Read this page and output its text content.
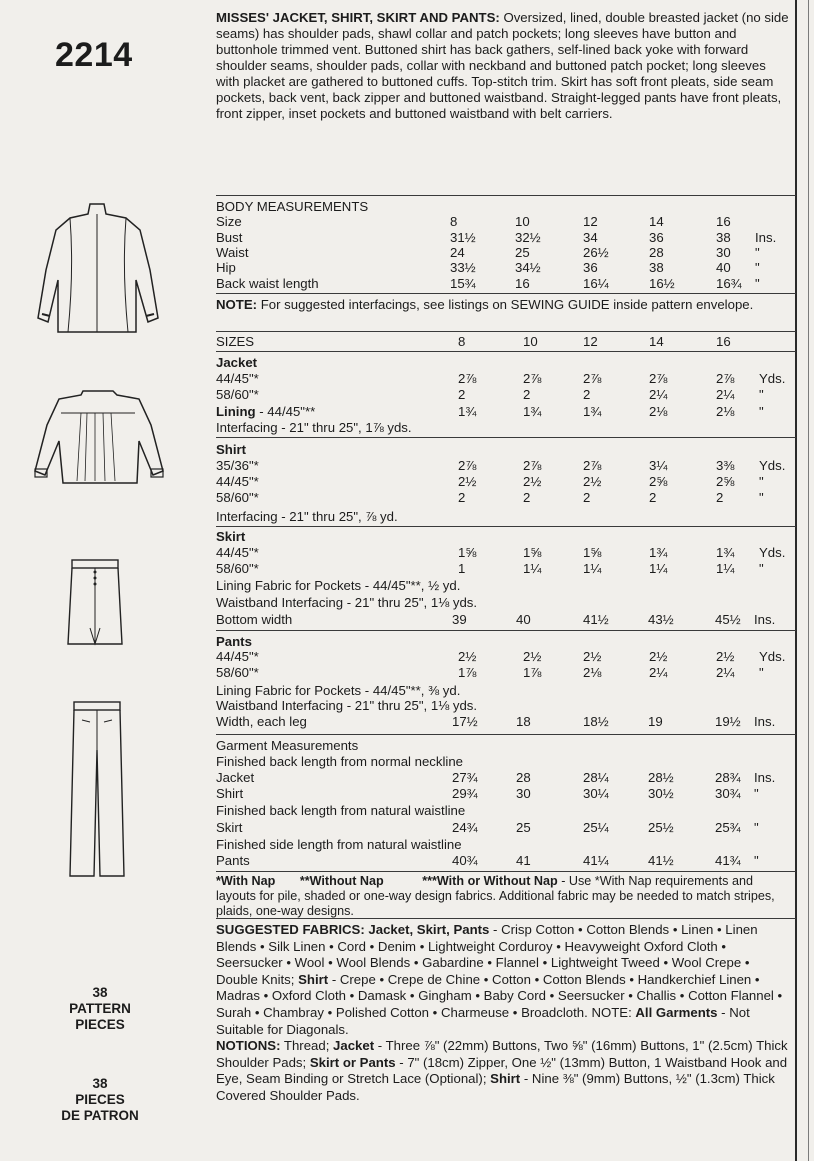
2214
MISSES' JACKET, SHIRT, SKIRT AND PANTS: Oversized, lined, double breasted jacket (no side seams) has shoulder pads, shawl collar and patch pockets; long sleeves have button and buttonhole trimmed vent. Buttoned shirt has back gathers, self-lined back yoke with forward shoulder seams, shoulder pads, collar with neckband and buttoned patch pocket; long sleeves with placket are gathered to buttoned cuffs. Top-stitch trim. Skirt has soft front pleats, side seam pockets, back vent, back zipper and buttoned waistband. Straight-legged pants have front pleats, front zipper, inset pockets and buttoned waistband with belt carriers.
38
PATTERN
PIECES
38
PIECES
DE PATRON
BODY MEASUREMENTS
Size	8	10	12	14	16
Bust	31½	32½	34	36	38 Ins.
Waist	24	25	26½	28	30 "
Hip	33½	34½	36	38	40 "
Back waist length	15¾	16	16¼	16½	16¾ "
NOTE: For suggested interfacings, see listings on SEWING GUIDE inside pattern envelope.
SIZES	8	10	12	14	16
Jacket
44/45"*	2⅞	2⅞	2⅞	2⅞	2⅞ Yds.
58/60"*	2	2	2	2¼	2¼ "
Lining - 44/45"**	1¾	1¾	1¾	2⅛	2⅛ "
Interfacing - 21" thru 25", 1⅞ yds.
Shirt
35/36"*	2⅞	2⅞	2⅞	3¼	3⅜ Yds.
44/45"*	2½	2½	2½	2⅝	2⅝ "
58/60"*	2	2	2	2	2	"
Interfacing - 21" thru 25", ⅞ yd.
Skirt
44/45"*	1⅝	1⅝	1⅝	1¾	1¾ Yds.
58/60"*	1	1¼	1¼	1¼	1¼ "
Lining Fabric for Pockets - 44/45"**, ½ yd.
Waistband Interfacing - 21" thru 25", 1⅛ yds.
Bottom width	39	40	41½	43½	45½ Ins.
Pants
44/45"*	2½	2½	2½	2½	2½ Yds.
58/60"*	1⅞	1⅞	2⅛	2¼	2¼ "
Lining Fabric for Pockets - 44/45"**, ⅜ yd.
Waistband Interfacing - 21" thru 25", 1⅛ yds.
Width, each leg	17½	18	18½	19	19½ Ins.
Garment Measurements
Finished back length from normal neckline
Jacket	27¾	28	28¼	28½	28¾ Ins.
Shirt	29¾	30	30¼	30½	30¾ "
Finished back length from natural waistline
Skirt	24¾	25	25¼	25½	25¾ "
Finished side length from natural waistline
Pants	40¾	41	41¼	41½	41¾ "
*With Nap **Without Nap	***With or Without Nap - Use *With Nap requirements and layouts for pile, shaded or one-way design fabrics. Additional fabric may be needed to match stripes, plaids, one-way designs.
SUGGESTED FABRICS: Jacket, Skirt, Pants - Crisp Cotton • Cotton Blends • Linen • Linen Blends • Silk Linen • Cord • Denim • Lightweight Corduroy • Heavyweight Oxford Cloth • Seersucker • Wool • Wool Blends • Gabardine • Flannel • Lightweight Tweed • Wool Crepe • Double Knits; Shirt - Crepe • Crepe de Chine • Cotton • Cotton Blends • Handkerchief Linen • Madras • Oxford Cloth • Damask • Gingham • Baby Cord • Seersucker • Challis • Cotton Flannel • Surah • Chambray • Polished Cotton • Charmeuse • Broadcloth. NOTE: All Garments - Not Suitable for Diagonals.
NOTIONS: Thread; Jacket - Three ⅞" (22mm) Buttons, Two ⅝" (16mm) Buttons, 1" (2.5cm) Thick Shoulder Pads; Skirt or Pants - 7" (18cm) Zipper, One ½" (13mm) Button, 1 Waistband Hook and Eye, Seam Binding or Stretch Lace (Optional); Shirt - Nine ⅜" (9mm) Buttons, ½" (1.3cm) Thick Covered Shoulder Pads.
